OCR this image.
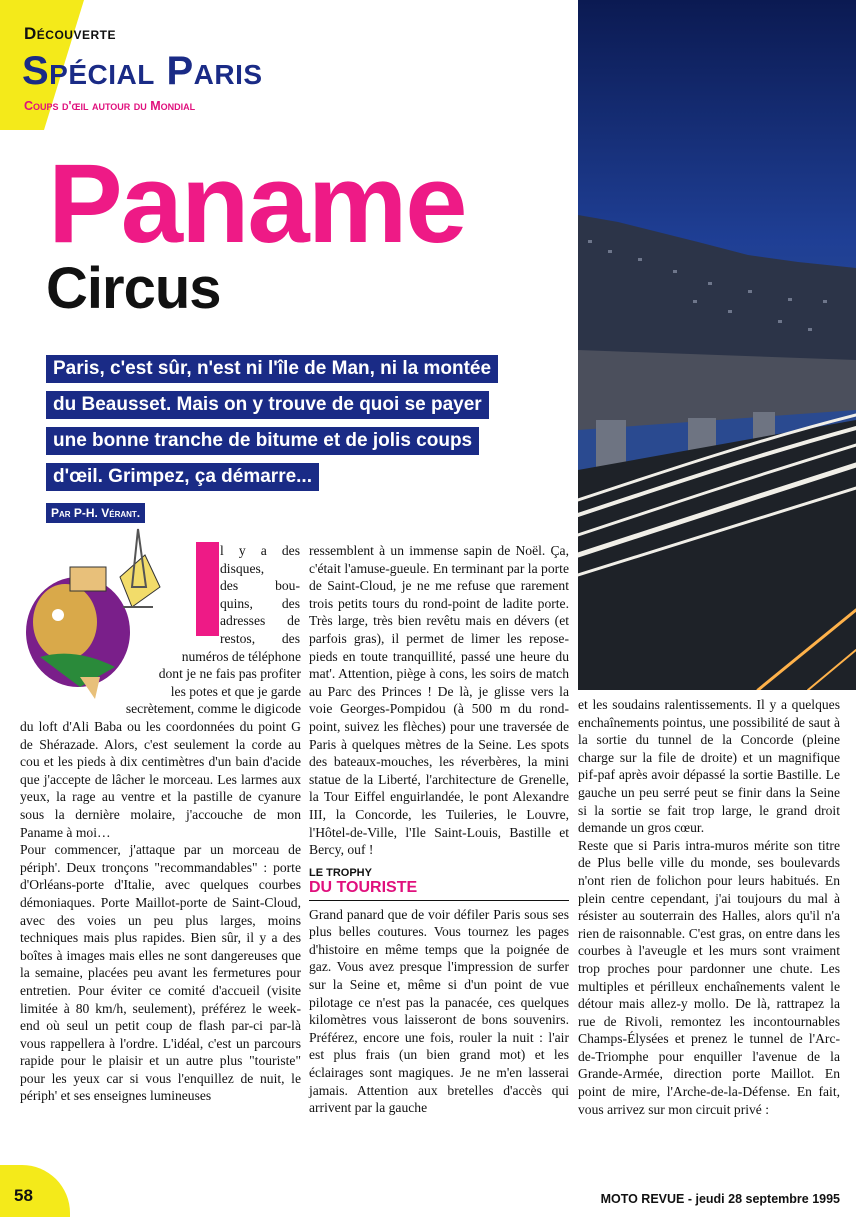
Découverte
Spécial Paris
Coups d'œil autour du Mondial
Paname
Circus
Paris, c'est sûr, n'est ni l'île de Man, ni la montée
du Beausset. Mais on y trouve de quoi se payer
une bonne tranche de bitume et de jolis coups
d'œil. Grimpez, ça démarre...
Par P-H. Vérant.
l y a des
disques,
des bou-
quins, des
adresses de
restos, des
numéros de téléphone
dont je ne fais pas profiter
les potes et que je garde
secrètement, comme le digicode

du loft d'Ali Baba ou les coordonnées du point G de Shérazade. Alors, c'est seulement la corde au cou et les pieds à dix centimètres d'un bain d'acide que j'accepte de lâcher le morceau. Les larmes aux yeux, la rage au ventre et la pastille de cyanure sous la dernière molaire, j'accouche de mon Paname à moi…

Pour commencer, j'attaque par un morceau de périph'. Deux tronçons "recommandables" : porte d'Orléans-porte d'Italie, avec quelques courbes démoniaques. Porte Maillot-porte de Saint-Cloud, avec des voies un peu plus larges, moins techniques mais plus rapides. Bien sûr, il y a des boîtes à images mais elles ne sont dangereuses que la semaine, placées peu avant les fermetures pour entretien. Pour éviter ce comité d'accueil (visite limitée à 80 km/h, seulement), préférez le week-end où seul un petit coup de flash par-ci par-là vous rappellera à l'ordre. L'idéal, c'est un parcours rapide pour le plaisir et un autre plus "touriste" pour les yeux car si vous l'enquillez de nuit, le périph' et ses enseignes lumineuses

ressemblent à un immense sapin de Noël. Ça, c'était l'amuse-gueule. En terminant par la porte de Saint-Cloud, je ne me refuse que rarement trois petits tours du rond-point de ladite porte. Très large, très bien revêtu mais en dévers (et parfois gras), il permet de limer les repose-pieds en toute tranquillité, passé une heure du mat'. Attention, piège à cons, les soirs de match au Parc des Princes ! De là, je glisse vers la voie Georges-Pompidou (à 500 m du rond-point, suivez les flèches) pour une traversée de Paris à quelques mètres de la Seine. Les spots des bateaux-mouches, les réverbères, la mini statue de la Liberté, l'architecture de Grenelle, la Tour Eiffel enguirlandée, le pont Alexandre III, la Concorde, les Tuileries, le Louvre, l'Hôtel-de-Ville, l'Ile Saint-Louis, Bastille et Bercy, ouf !

LE TROPHY
DU TOURISTE

Grand panard que de voir défiler Paris sous ses plus belles coutures. Vous tournez les pages d'histoire en même temps que la poignée de gaz. Vous avez presque l'impression de surfer sur la Seine et, même si d'un point de vue pilotage ce n'est pas la panacée, ces quelques kilomètres vous laisseront de bons souvenirs. Préférez, encore une fois, rouler la nuit : l'air est plus frais (un bien grand mot) et les éclairages sont magiques. Je ne m'en lasserai jamais. Attention aux bretelles d'accès qui arrivent par la gauche

et les soudains ralentissements. Il y a quelques enchaînements pointus, une possibilité de saut à la sortie du tunnel de la Concorde (pleine charge sur la file de droite) et un magnifique pif-paf après avoir dépassé la sortie Bastille. Le gauche un peu serré peut se finir dans la Seine si la sortie se fait trop large, le grand droit demande un gros cœur.

Reste que si Paris intra-muros mérite son titre de Plus belle ville du monde, ses boulevards n'ont rien de folichon pour leurs habitués. En plein centre cependant, j'ai toujours du mal à résister au souterrain des Halles, alors qu'il n'a rien de raisonnable. C'est gras, on entre dans les courbes à l'aveugle et les murs sont vraiment trop proches pour pardonner une chute. Les multiples et périlleux enchaînements valent le détour mais allez-y mollo. De là, rattrapez la rue de Rivoli, remontez les incontournables Champs-Élysées et prenez le tunnel de l'Arc-de-Triomphe pour enquiller l'avenue de la Grande-Armée, direction porte Maillot. En point de mire, l'Arche-de-la-Défense. En fait, vous arrivez sur mon circuit privé :

58	MOTO REVUE - jeudi 28 septembre 1995
